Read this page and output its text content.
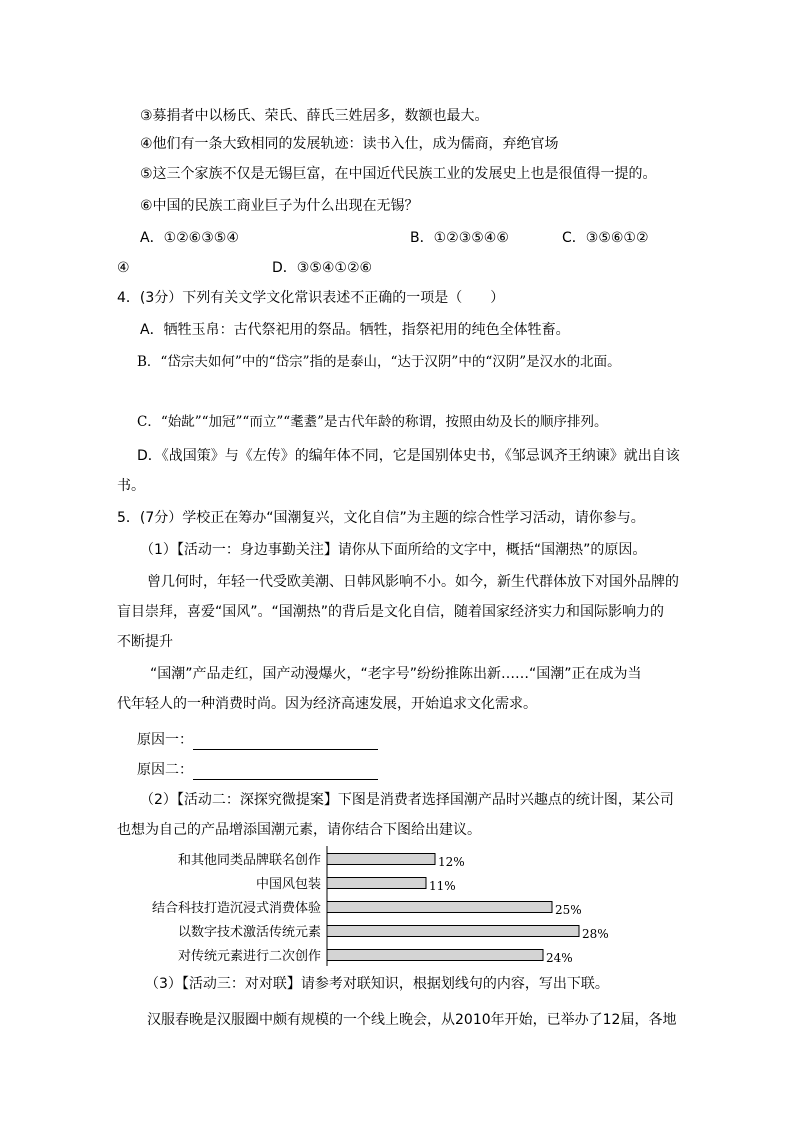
③募捐者中以杨氏、荣氏、薛氏三姓居多，数额也最大。
④他们有一条大致相同的发展轨迹：读书入仕，成为儒商，弃绝官场
⑤这三个家族不仅是无锡巨富，在中国近代民族工业的发展史上也是很值得一提的。
⑥中国的民族工商业巨子为什么出现在无锡？
A．①②⑥③⑤④	B．①②③⑤④⑥	C．③⑤⑥①②
④	D．③⑤④①②⑥
4．(3分）下列有关文学文化常识表述不正确的一项是（　　）
A．牺牲玉帛：古代祭祀用的祭品。牺牲，指祭祀用的纯色全体牲畜。
B．“岱宗夫如何”中的“岱宗”指的是泰山，“达于汉阴”中的“汉阴”是汉水的北面。
C．“始龀”“加冠”“而立”“耄耋”是古代年龄的称谓，按照由幼及长的顺序排列。
D．《战国策》与《左传》的编年体不同，它是国别体史书，《邹忌讽齐王纳谏》就出自该
书。
5．(7分）学校正在筹办“国潮复兴，文化自信”为主题的综合性学习活动，请你参与。
（1）【活动一：身边事勤关注】请你从下面所给的文字中，概括“国潮热”的原因。
曾几何时，年轻一代受欧美潮、日韩风影响不小。如今，新生代群体放下对国外品牌的
盲目崇拜，喜爱“国风”。“国潮热”的背后是文化自信，随着国家经济实力和国际影响力的
不断提升
“国潮”产品走红，国产动漫爆火，“老字号”纷纷推陈出新……“国潮”正在成为当
代年轻人的一种消费时尚。因为经济高速发展，开始追求文化需求。
原因一：
原因二：
（2）【活动二：深探究微提案】下图是消费者选择国潮产品时兴趣点的统计图，某公司
也想为自己的产品增添国潮元素，请你结合下图给出建议。
和其他同类品牌联名创作	12%
中国风包装	11%
结合科技打造沉浸式消费体验	25%
以数字技术激活传统元素	28%
对传统元素进行二次创作	24%
（3）【活动三：对对联】请参考对联知识，根据划线句的内容，写出下联。
汉服春晚是汉服圈中颇有规模的一个线上晚会，从2010年开始，已举办了12届，各地
